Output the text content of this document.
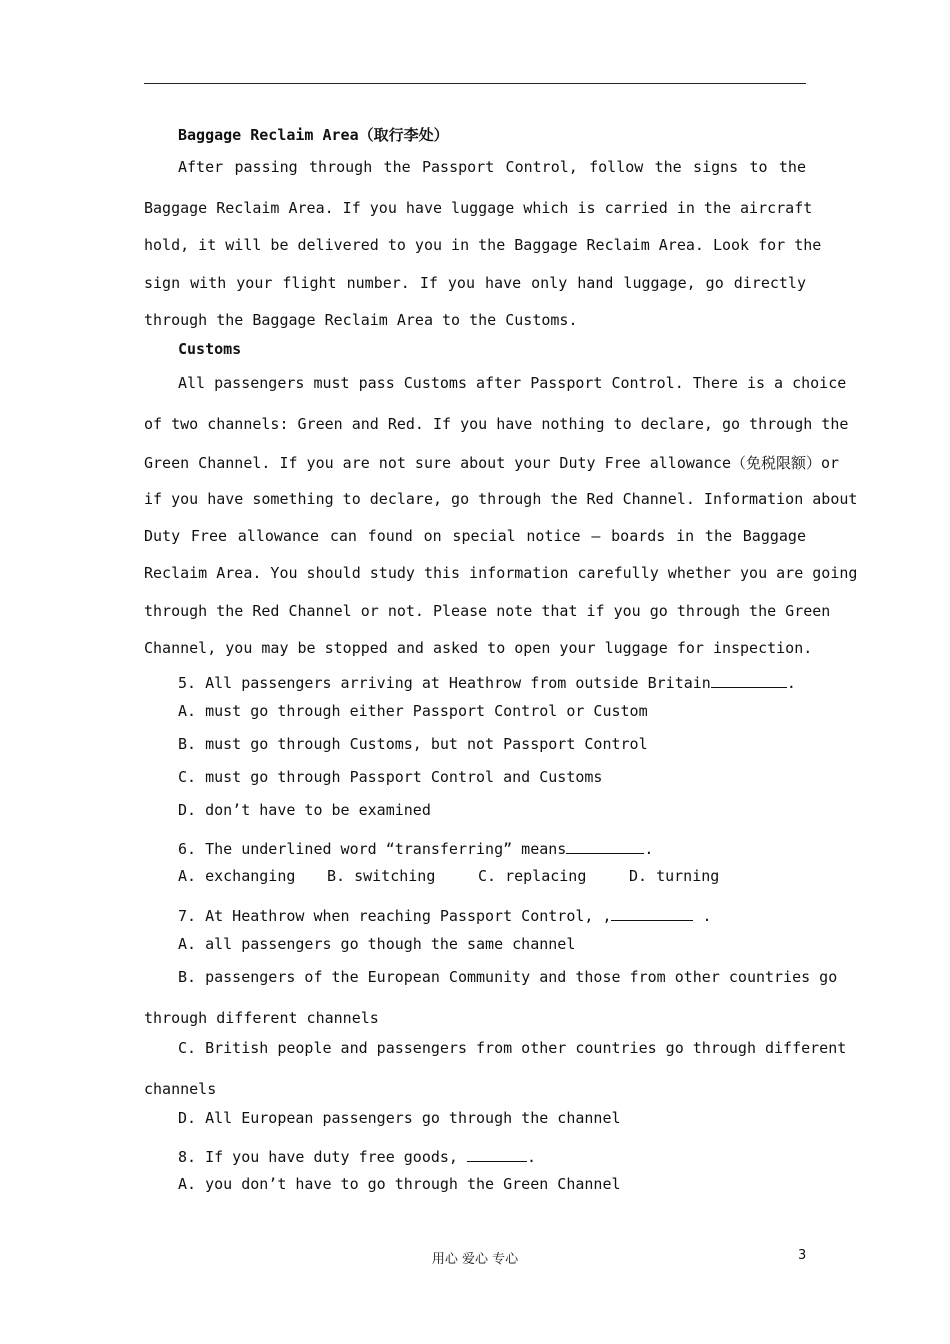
Baggage Reclaim Area（取行李处）
After passing through the Passport Control, follow the signs to the
Baggage Reclaim Area. If you have luggage which is carried in the aircraft
hold, it will be delivered to you in the Baggage Reclaim Area. Look for the
sign with your flight number. If you have only hand luggage, go directly
through the Baggage Reclaim Area to the Customs.
Customs
All passengers must pass Customs after Passport Control. There is a choice
of two channels: Green and Red. If you have nothing to declare, go through the
Green Channel. If you are not sure about your Duty Free allowance（免税限额）or
if you have something to declare, go through the Red Channel. Information about
Duty Free allowance can found on special notice – boards in the Baggage
Reclaim Area. You should study this information carefully whether you are going
through the Red Channel or not. Please note that if you go through the Green
Channel, you may be stopped and asked to open your luggage for inspection.
5. All passengers arriving at Heathrow from outside Britain	.
A. must go through either Passport Control or Custom
B. must go through Customs, but not Passport Control
C. must go through Passport Control and Customs
D. don’t have to be examined
6. The underlined word “transferring” means	.
A. exchanging B. switching	C. replacing	D. turning
7. At Heathrow when reaching Passport Control, ,	.
A. all passengers go though the same channel
B. passengers of the European Community and those from other countries go
through different channels
C. British people and passengers from other countries go through different
channels
D. All European passengers go through the channel
8. If you have duty free goods,	.
A. you don’t have to go through the Green Channel
用心 爱心 专心	3
